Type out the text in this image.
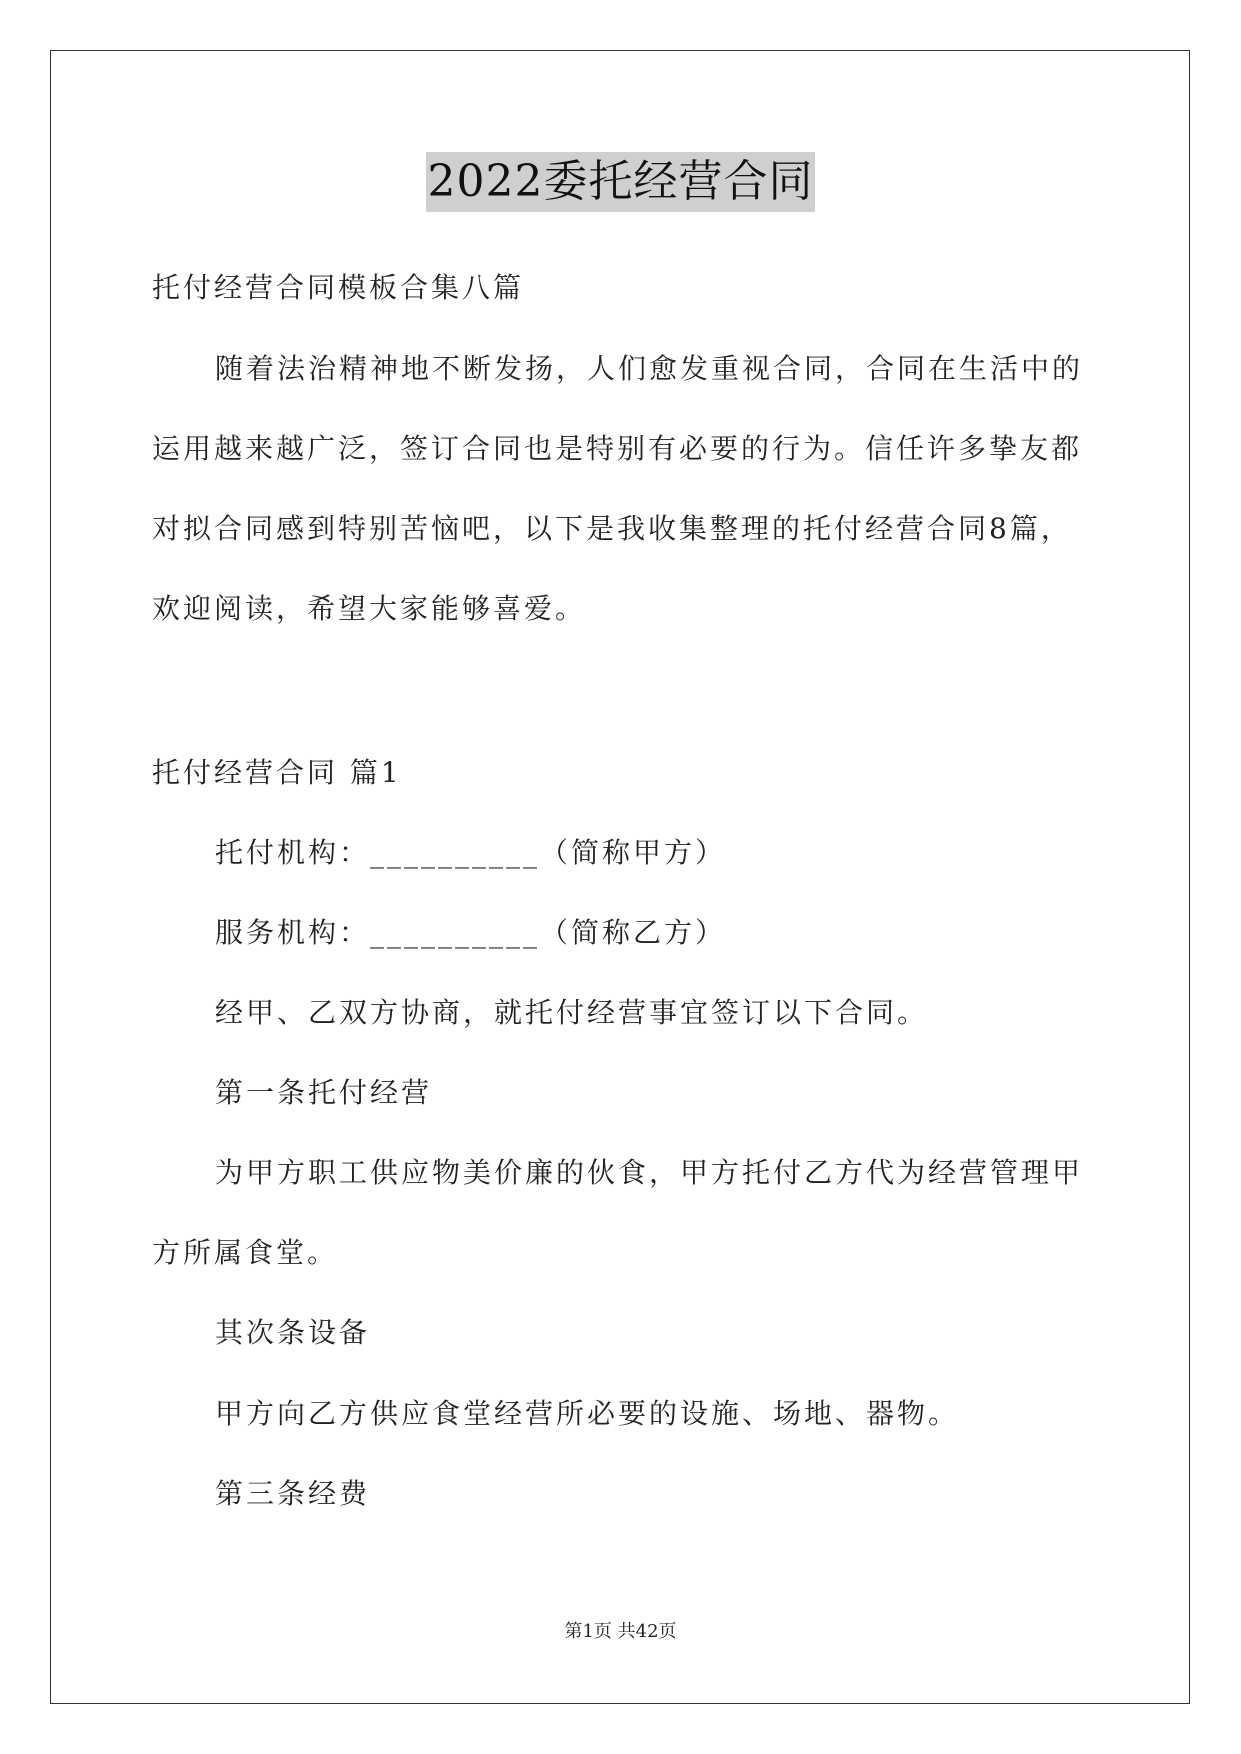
2022委托经营合同
托付经营合同模板合集八篇
随着法治精神地不断发扬，人们愈发重视合同，合同在生活中的
运用越来越广泛，签订合同也是特别有必要的行为。信任许多挚友都
对拟合同感到特别苦恼吧，以下是我收集整理的托付经营合同8篇，
欢迎阅读，希望大家能够喜爱。
托付经营合同 篇1
托付机构：__________（简称甲方）
服务机构：__________（简称乙方）
经甲、乙双方协商，就托付经营事宜签订以下合同。
第一条托付经营
为甲方职工供应物美价廉的伙食，甲方托付乙方代为经营管理甲
方所属食堂。
其次条设备
甲方向乙方供应食堂经营所必要的设施、场地、器物。
第三条经费
第1页 共42页
